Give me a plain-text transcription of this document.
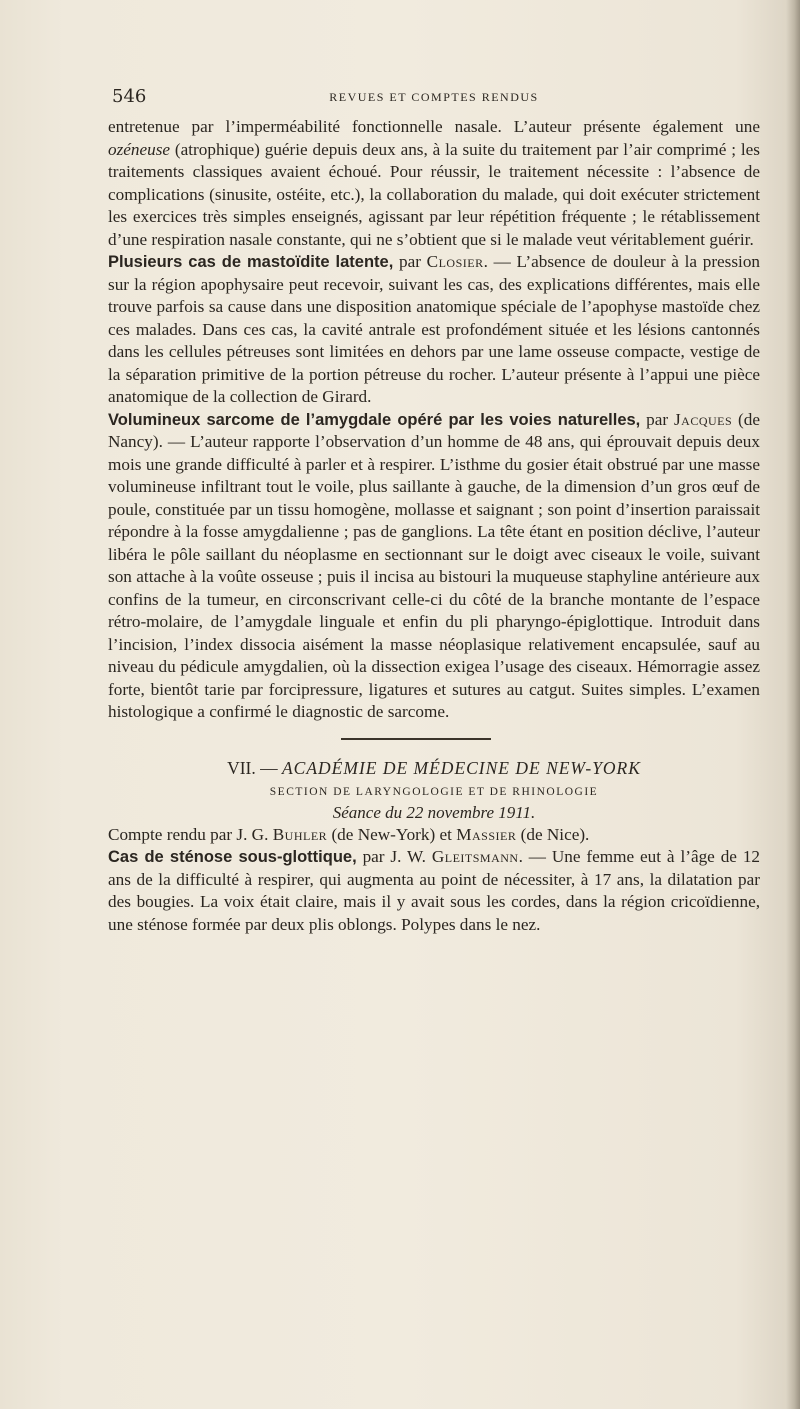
546	REVUES ET COMPTES RENDUS

entretenue par l’imperméabilité fonctionnelle nasale. L’auteur présente également une ozéneuse (atrophique) guérie depuis deux ans, à la suite du traitement par l’air comprimé ; les traitements classiques avaient échoué. Pour réussir, le traitement nécessite : l’absence de complications (sinusite, ostéite, etc.), la collaboration du malade, qui doit exécuter strictement les exercices très simples enseignés, agissant par leur répétition fréquente ; le rétablissement d’une respiration nasale constante, qui ne s’obtient que si le malade veut véritablement guérir.

Plusieurs cas de mastoïdite latente, par Closier. — L’absence de douleur à la pression sur la région apophysaire peut recevoir, suivant les cas, des explications différentes, mais elle trouve parfois sa cause dans une disposition anatomique spéciale de l’apophyse mastoïde chez ces malades. Dans ces cas, la cavité antrale est profondément située et les lésions cantonnés dans les cellules pétreuses sont limitées en dehors par une lame osseuse compacte, vestige de la séparation primitive de la portion pétreuse du rocher. L’auteur présente à l’appui une pièce anatomique de la collection de Girard.

Volumineux sarcome de l’amygdale opéré par les voies naturelles, par Jacques (de Nancy). — L’auteur rapporte l’observation d’un homme de 48 ans, qui éprouvait depuis deux mois une grande difficulté à parler et à respirer. L’isthme du gosier était obstrué par une masse volumineuse infiltrant tout le voile, plus saillante à gauche, de la dimension d’un gros œuf de poule, constituée par un tissu homogène, mollasse et saignant ; son point d’insertion paraissait répondre à la fosse amygdalienne ; pas de ganglions. La tête étant en position déclive, l’auteur libéra le pôle saillant du néoplasme en sectionnant sur le doigt avec ciseaux le voile, suivant son attache à la voûte osseuse ; puis il incisa au bistouri la muqueuse staphyline antérieure aux confins de la tumeur, en circonscrivant celle-ci du côté de la branche montante de l’espace rétro-molaire, de l’amygdale linguale et enfin du pli pharyngo-épiglottique. Introduit dans l’incision, l’index dissocia aisément la masse néoplasique relativement encapsulée, sauf au niveau du pédicule amygdalien, où la dissection exigea l’usage des ciseaux. Hémorragie assez forte, bientôt tarie par forcipressure, ligatures et sutures au catgut. Suites simples. L’examen histologique a confirmé le diagnostic de sarcome.

VII. — ACADÉMIE DE MÉDECINE DE NEW-YORK
SECTION DE LARYNGOLOGIE ET DE RHINOLOGIE
Séance du 22 novembre 1911.

Compte rendu par J. G. Buhler (de New-York) et Massier (de Nice).

Cas de sténose sous-glottique, par J. W. Gleitsmann. — Une femme eut à l’âge de 12 ans de la difficulté à respirer, qui augmenta au point de nécessiter, à 17 ans, la dilatation par des bougies. La voix était claire, mais il y avait sous les cordes, dans la région cricoïdienne, une sténose formée par deux plis oblongs. Polypes dans le nez.
